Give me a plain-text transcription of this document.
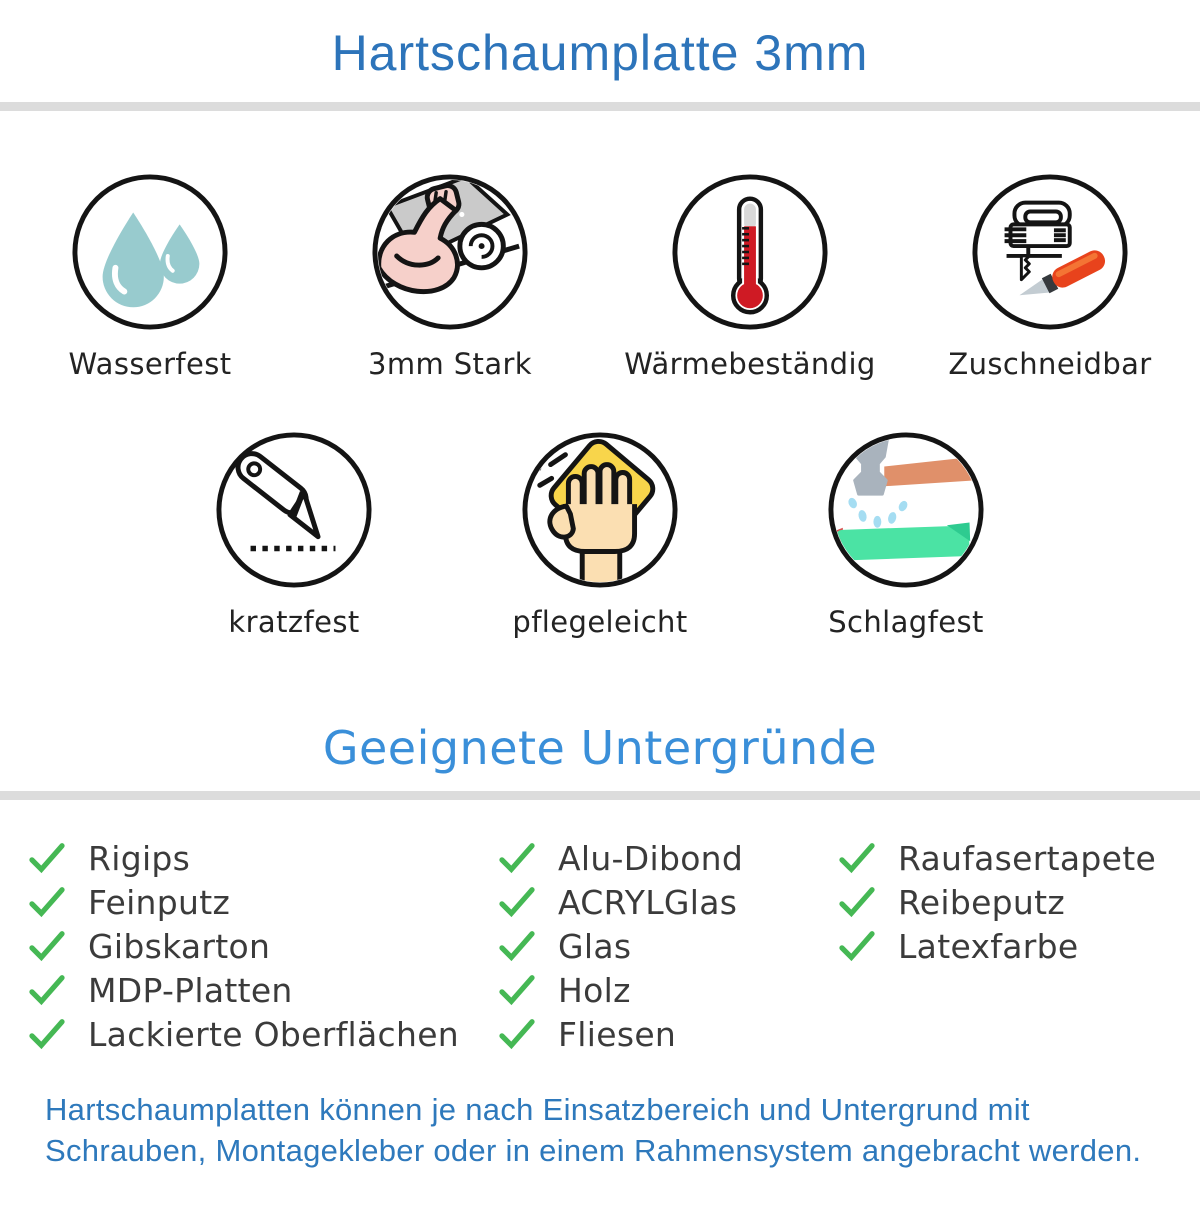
Hartschaumplatte 3mm
Wasserfest	3mm Stark	Wärmebeständig	Zuschneidbar
kratzfest	pflegeleicht	Schlagfest
Geeignete Untergründe
Rigips
Feinputz
Gibskarton
MDP-Platten
Lackierte Oberflächen
Alu-Dibond
ACRYLGlas
Glas
Holz
Fliesen
Raufasertapete
Reibeputz
Latexfarbe

Hartschaumplatten können je nach Einsatzbereich und Untergrund mit
Schrauben, Montagekleber oder in einem Rahmensystem angebracht werden.
